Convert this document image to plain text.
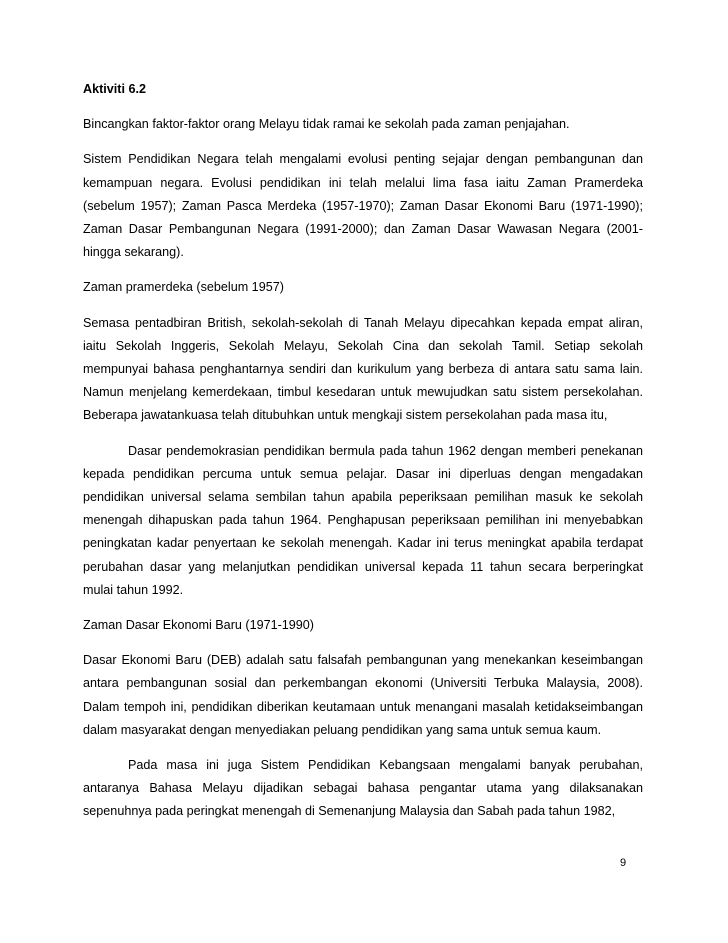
Aktiviti 6.2

Bincangkan faktor-faktor orang Melayu tidak ramai ke sekolah pada zaman penjajahan.

Sistem Pendidikan Negara telah mengalami evolusi penting sejajar dengan pembangunan dan kemampuan negara. Evolusi pendidikan ini telah melalui lima fasa iaitu Zaman Pramerdeka (sebelum 1957); Zaman Pasca Merdeka (1957-1970); Zaman Dasar Ekonomi Baru (1971-1990); Zaman Dasar Pembangunan Negara (1991-2000); dan Zaman Dasar Wawasan Negara (2001-hingga sekarang).

Zaman pramerdeka (sebelum 1957)

Semasa pentadbiran British, sekolah-sekolah di Tanah Melayu dipecahkan kepada empat aliran, iaitu Sekolah Inggeris, Sekolah Melayu, Sekolah Cina dan sekolah Tamil. Setiap sekolah mempunyai bahasa penghantarnya sendiri dan kurikulum yang berbeza di antara satu sama lain. Namun menjelang kemerdekaan, timbul kesedaran untuk mewujudkan satu sistem persekolahan. Beberapa jawatankuasa telah ditubuhkan untuk mengkaji sistem persekolahan pada masa itu,

Dasar pendemokrasian pendidikan bermula pada tahun 1962 dengan memberi penekanan kepada pendidikan percuma untuk semua pelajar. Dasar ini diperluas dengan mengadakan pendidikan universal selama sembilan tahun apabila peperiksaan pemilihan masuk ke sekolah menengah dihapuskan pada tahun 1964. Penghapusan peperiksaan pemilihan ini menyebabkan peningkatan kadar penyertaan ke sekolah menengah. Kadar ini terus meningkat apabila terdapat perubahan dasar yang melanjutkan pendidikan universal kepada 11 tahun secara berperingkat mulai tahun 1992.

Zaman Dasar Ekonomi Baru (1971-1990)

Dasar Ekonomi Baru (DEB) adalah satu falsafah pembangunan yang menekankan keseimbangan antara pembangunan sosial dan perkembangan ekonomi (Universiti Terbuka Malaysia, 2008). Dalam tempoh ini, pendidikan diberikan keutamaan untuk menangani masalah ketidakseimbangan dalam masyarakat dengan menyediakan peluang pendidikan yang sama untuk semua kaum.

Pada masa ini juga Sistem Pendidikan Kebangsaan mengalami banyak perubahan, antaranya Bahasa Melayu dijadikan sebagai bahasa pengantar utama yang dilaksanakan sepenuhnya pada peringkat menengah di Semenanjung Malaysia dan Sabah pada tahun 1982,

9
